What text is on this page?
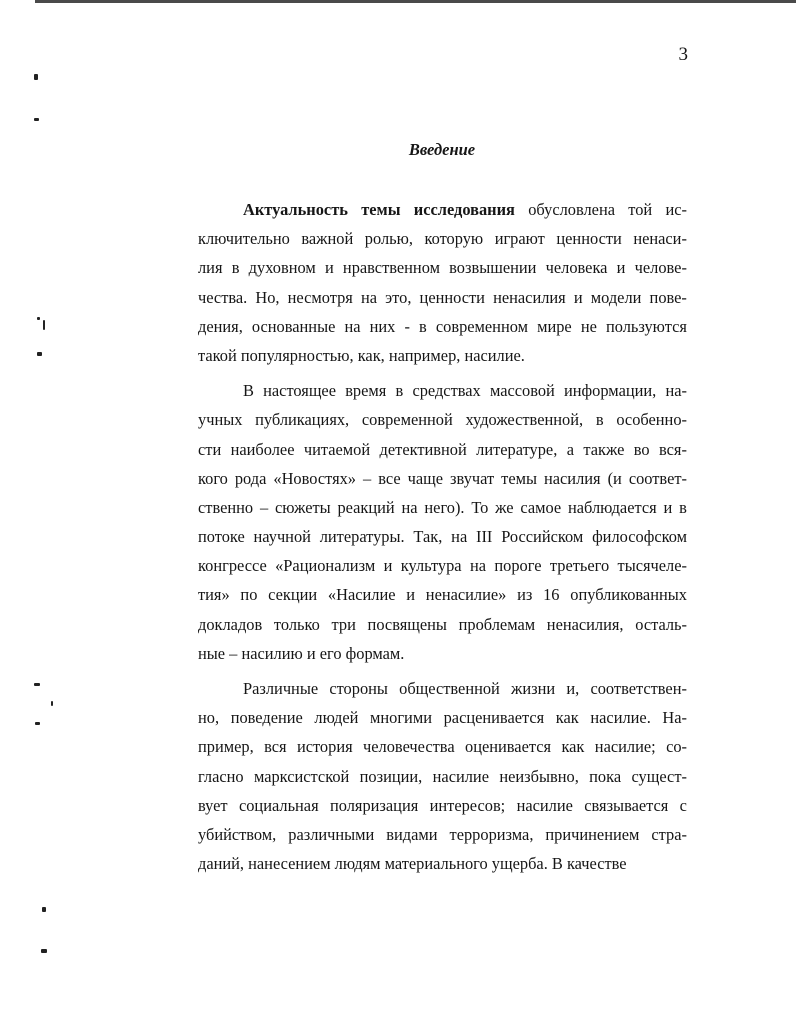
3
Введение
Актуальность темы исследования обусловлена той ис-
ключительно важной ролью, которую играют ценности ненаси-
лия в духовном и нравственном возвышении человека и челове-
чества. Но, несмотря на это, ценности ненасилия и модели пове-
дения, основанные на них - в современном мире не пользуются
такой популярностью, как, например, насилие.
В настоящее время в средствах массовой информации, на-
учных публикациях, современной художественной, в особенно-
сти наиболее читаемой детективной литературе, а также во вся-
кого рода «Новостях» – все чаще звучат темы насилия (и соответ-
ственно – сюжеты реакций на него). То же самое наблюдается и в
потоке научной литературы. Так, на III Российском философском
конгрессе «Рационализм и культура на пороге третьего тысячеле-
тия» по секции «Насилие и ненасилие» из 16 опубликованных
докладов только три посвящены проблемам ненасилия, осталь-
ные – насилию и его формам.
Различные стороны общественной жизни и, соответствен-
но, поведение людей многими расценивается как насилие. На-
пример, вся история человечества оценивается как насилие; со-
гласно марксистской позиции, насилие неизбывно, пока сущест-
вует социальная поляризация интересов; насилие связывается с
убийством, различными видами терроризма, причинением стра-
даний, нанесением людям материального ущерба. В качестве
